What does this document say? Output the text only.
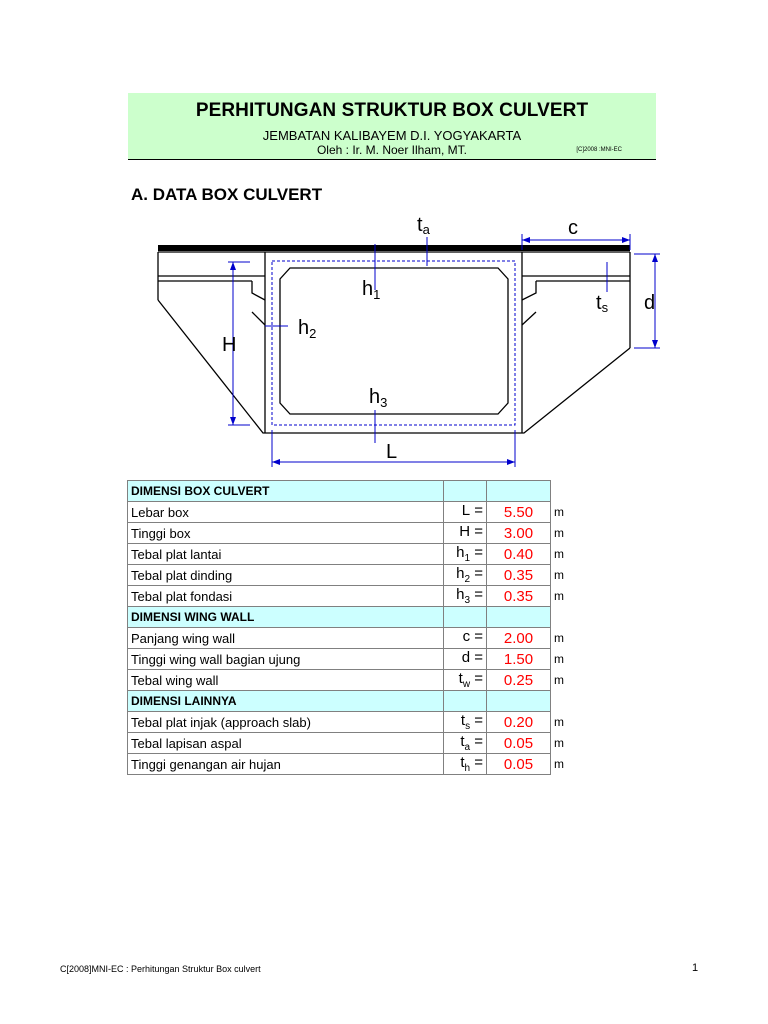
PERHITUNGAN STRUKTUR BOX CULVERT
JEMBATAN KALIBAYEM D.I. YOGYAKARTA
Oleh : Ir. M. Noer Ilham, MT.	[C]2008 :MNI-EC
A. DATA BOX CULVERT
ta	c
$h_1$	ts d
$h_2$
H
$h_3$
L
DIMENSI BOX CULVERT			
Lebar box	L =	5.50	m
Tinggi box	H =	3.00	m
Tebal plat lantai	$h_1$ =	0.40	m
Tebal plat dinding	$h_2$ =	0.35	m
Tebal plat fondasi	$h_3$ =	0.35	m
DIMENSI WING WALL			
Panjang wing wall	c =	2.00	m
Tinggi wing wall bagian ujung	d =	1.50	m
Tebal wing wall	$t_w$ =	0.25	m
DIMENSI LAINNYA			
Tebal plat injak (approach slab)	$t_s$ =	0.20	m
Tebal lapisan aspal	$t_a$ =	0.05	m
Tinggi genangan air hujan	$t_h$ =	0.05	m
C[2008]MNI-EC : Perhitungan Struktur Box culvert	1
